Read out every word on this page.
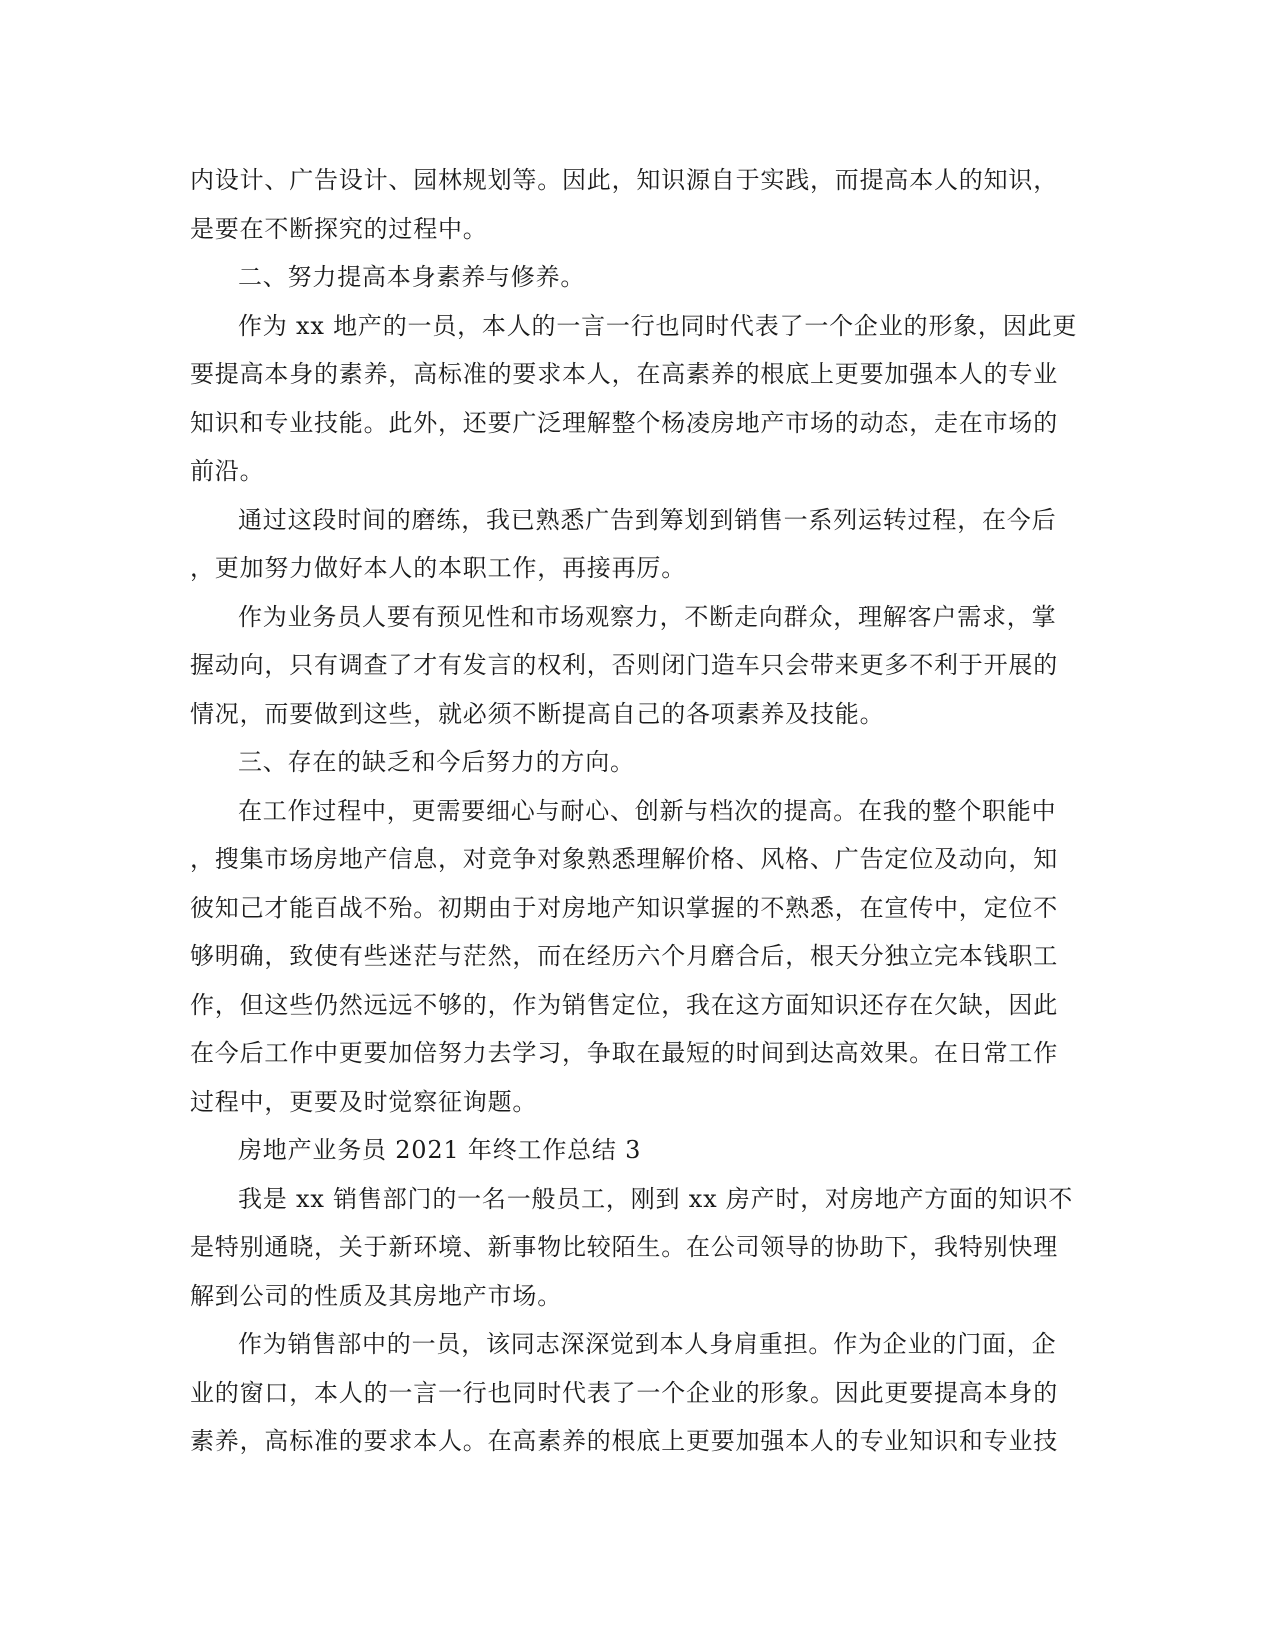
内设计、广告设计、园林规划等。因此，知识源自于实践，而提高本人的知识，
是要在不断探究的过程中。
二、努力提高本身素养与修养。
作为 xx 地产的一员，本人的一言一行也同时代表了一个企业的形象，因此更
要提高本身的素养，高标准的要求本人，在高素养的根底上更要加强本人的专业
知识和专业技能。此外，还要广泛理解整个杨凌房地产市场的动态，走在市场的
前沿。
通过这段时间的磨练，我已熟悉广告到筹划到销售一系列运转过程，在今后
，更加努力做好本人的本职工作，再接再厉。
作为业务员人要有预见性和市场观察力，不断走向群众，理解客户需求，掌
握动向，只有调查了才有发言的权利，否则闭门造车只会带来更多不利于开展的
情况，而要做到这些，就必须不断提高自己的各项素养及技能。
三、存在的缺乏和今后努力的方向。
在工作过程中，更需要细心与耐心、创新与档次的提高。在我的整个职能中
，搜集市场房地产信息，对竞争对象熟悉理解价格、风格、广告定位及动向，知
彼知己才能百战不殆。初期由于对房地产知识掌握的不熟悉，在宣传中，定位不
够明确，致使有些迷茫与茫然，而在经历六个月磨合后，根天分独立完本钱职工
作，但这些仍然远远不够的，作为销售定位，我在这方面知识还存在欠缺，因此
在今后工作中更要加倍努力去学习，争取在最短的时间到达高效果。在日常工作
过程中，更要及时觉察征询题。
房地产业务员 2021 年终工作总结 3
我是 xx 销售部门的一名一般员工，刚到 xx 房产时，对房地产方面的知识不
是特别通晓，关于新环境、新事物比较陌生。在公司领导的协助下，我特别快理
解到公司的性质及其房地产市场。
作为销售部中的一员，该同志深深觉到本人身肩重担。作为企业的门面，企
业的窗口，本人的一言一行也同时代表了一个企业的形象。因此更要提高本身的
素养，高标准的要求本人。在高素养的根底上更要加强本人的专业知识和专业技
